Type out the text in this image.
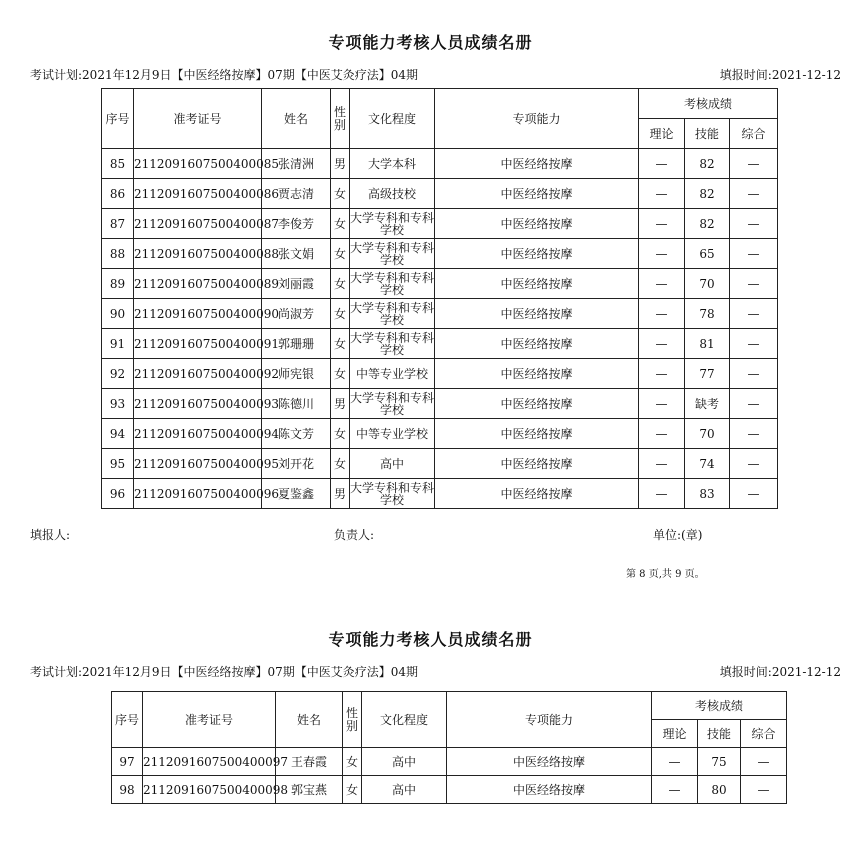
专项能力考核人员成绩名册
考试计划:2021年12月9日【中医经络按摩】07期【中医艾灸疗法】04期	填报时间:2021-12-12
序号	准考证号	姓名	性别	文化程度	专项能力	考核成绩		
						理论	技能	综合
85	2112091607500400085	张清洲	男	大学本科	中医经络按摩	—	82	—
86	2112091607500400086	贾志清	女	高级技校	中医经络按摩	—	82	—
87	2112091607500400087	李俊芳	女	大学专科和专科学校	中医经络按摩	—	82	—
88	2112091607500400088	张文娟	女	大学专科和专科学校	中医经络按摩	—	65	—
89	2112091607500400089	刘丽霞	女	大学专科和专科学校	中医经络按摩	—	70	—
90	2112091607500400090	尚淑芳	女	大学专科和专科学校	中医经络按摩	—	78	—
91	2112091607500400091	郭珊珊	女	大学专科和专科学校	中医经络按摩	—	81	—
92	2112091607500400092	师宪银	女	中等专业学校	中医经络按摩	—	77	—
93	2112091607500400093	陈德川	男	大学专科和专科学校	中医经络按摩	—	缺考	—
94	2112091607500400094	陈文芳	女	中等专业学校	中医经络按摩	—	70	—
95	2112091607500400095	刘开花	女	高中	中医经络按摩	—	74	—
96	2112091607500400096	夏鉴鑫	男	大学专科和专科学校	中医经络按摩	—	83	—
填报人:	负责人:	单位:(章)
第 8 页,共 9 页。
专项能力考核人员成绩名册
考试计划:2021年12月9日【中医经络按摩】07期【中医艾灸疗法】04期	填报时间:2021-12-12
序号	准考证号	姓名	性别	文化程度	专项能力	考核成绩		
						理论	技能	综合
97	2112091607500400097	王春霞	女	高中	中医经络按摩	—	75	—
98	2112091607500400098	郭宝燕	女	高中	中医经络按摩	—	80	—
